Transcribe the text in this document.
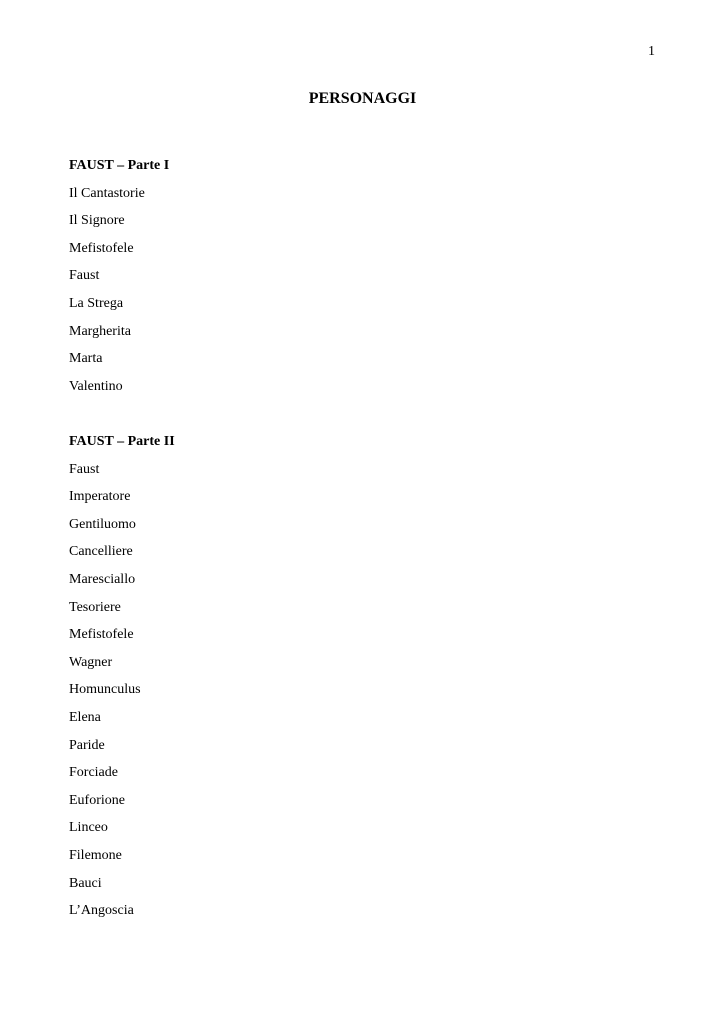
1
PERSONAGGI
FAUST – Parte I
Il Cantastorie
Il Signore
Mefistofele
Faust
La Strega
Margherita
Marta
Valentino
FAUST – Parte II
Faust
Imperatore
Gentiluomo
Cancelliere
Maresciallo
Tesoriere
Mefistofele
Wagner
Homunculus
Elena
Paride
Forciade
Euforione
Linceo
Filemone
Bauci
L’Angoscia
